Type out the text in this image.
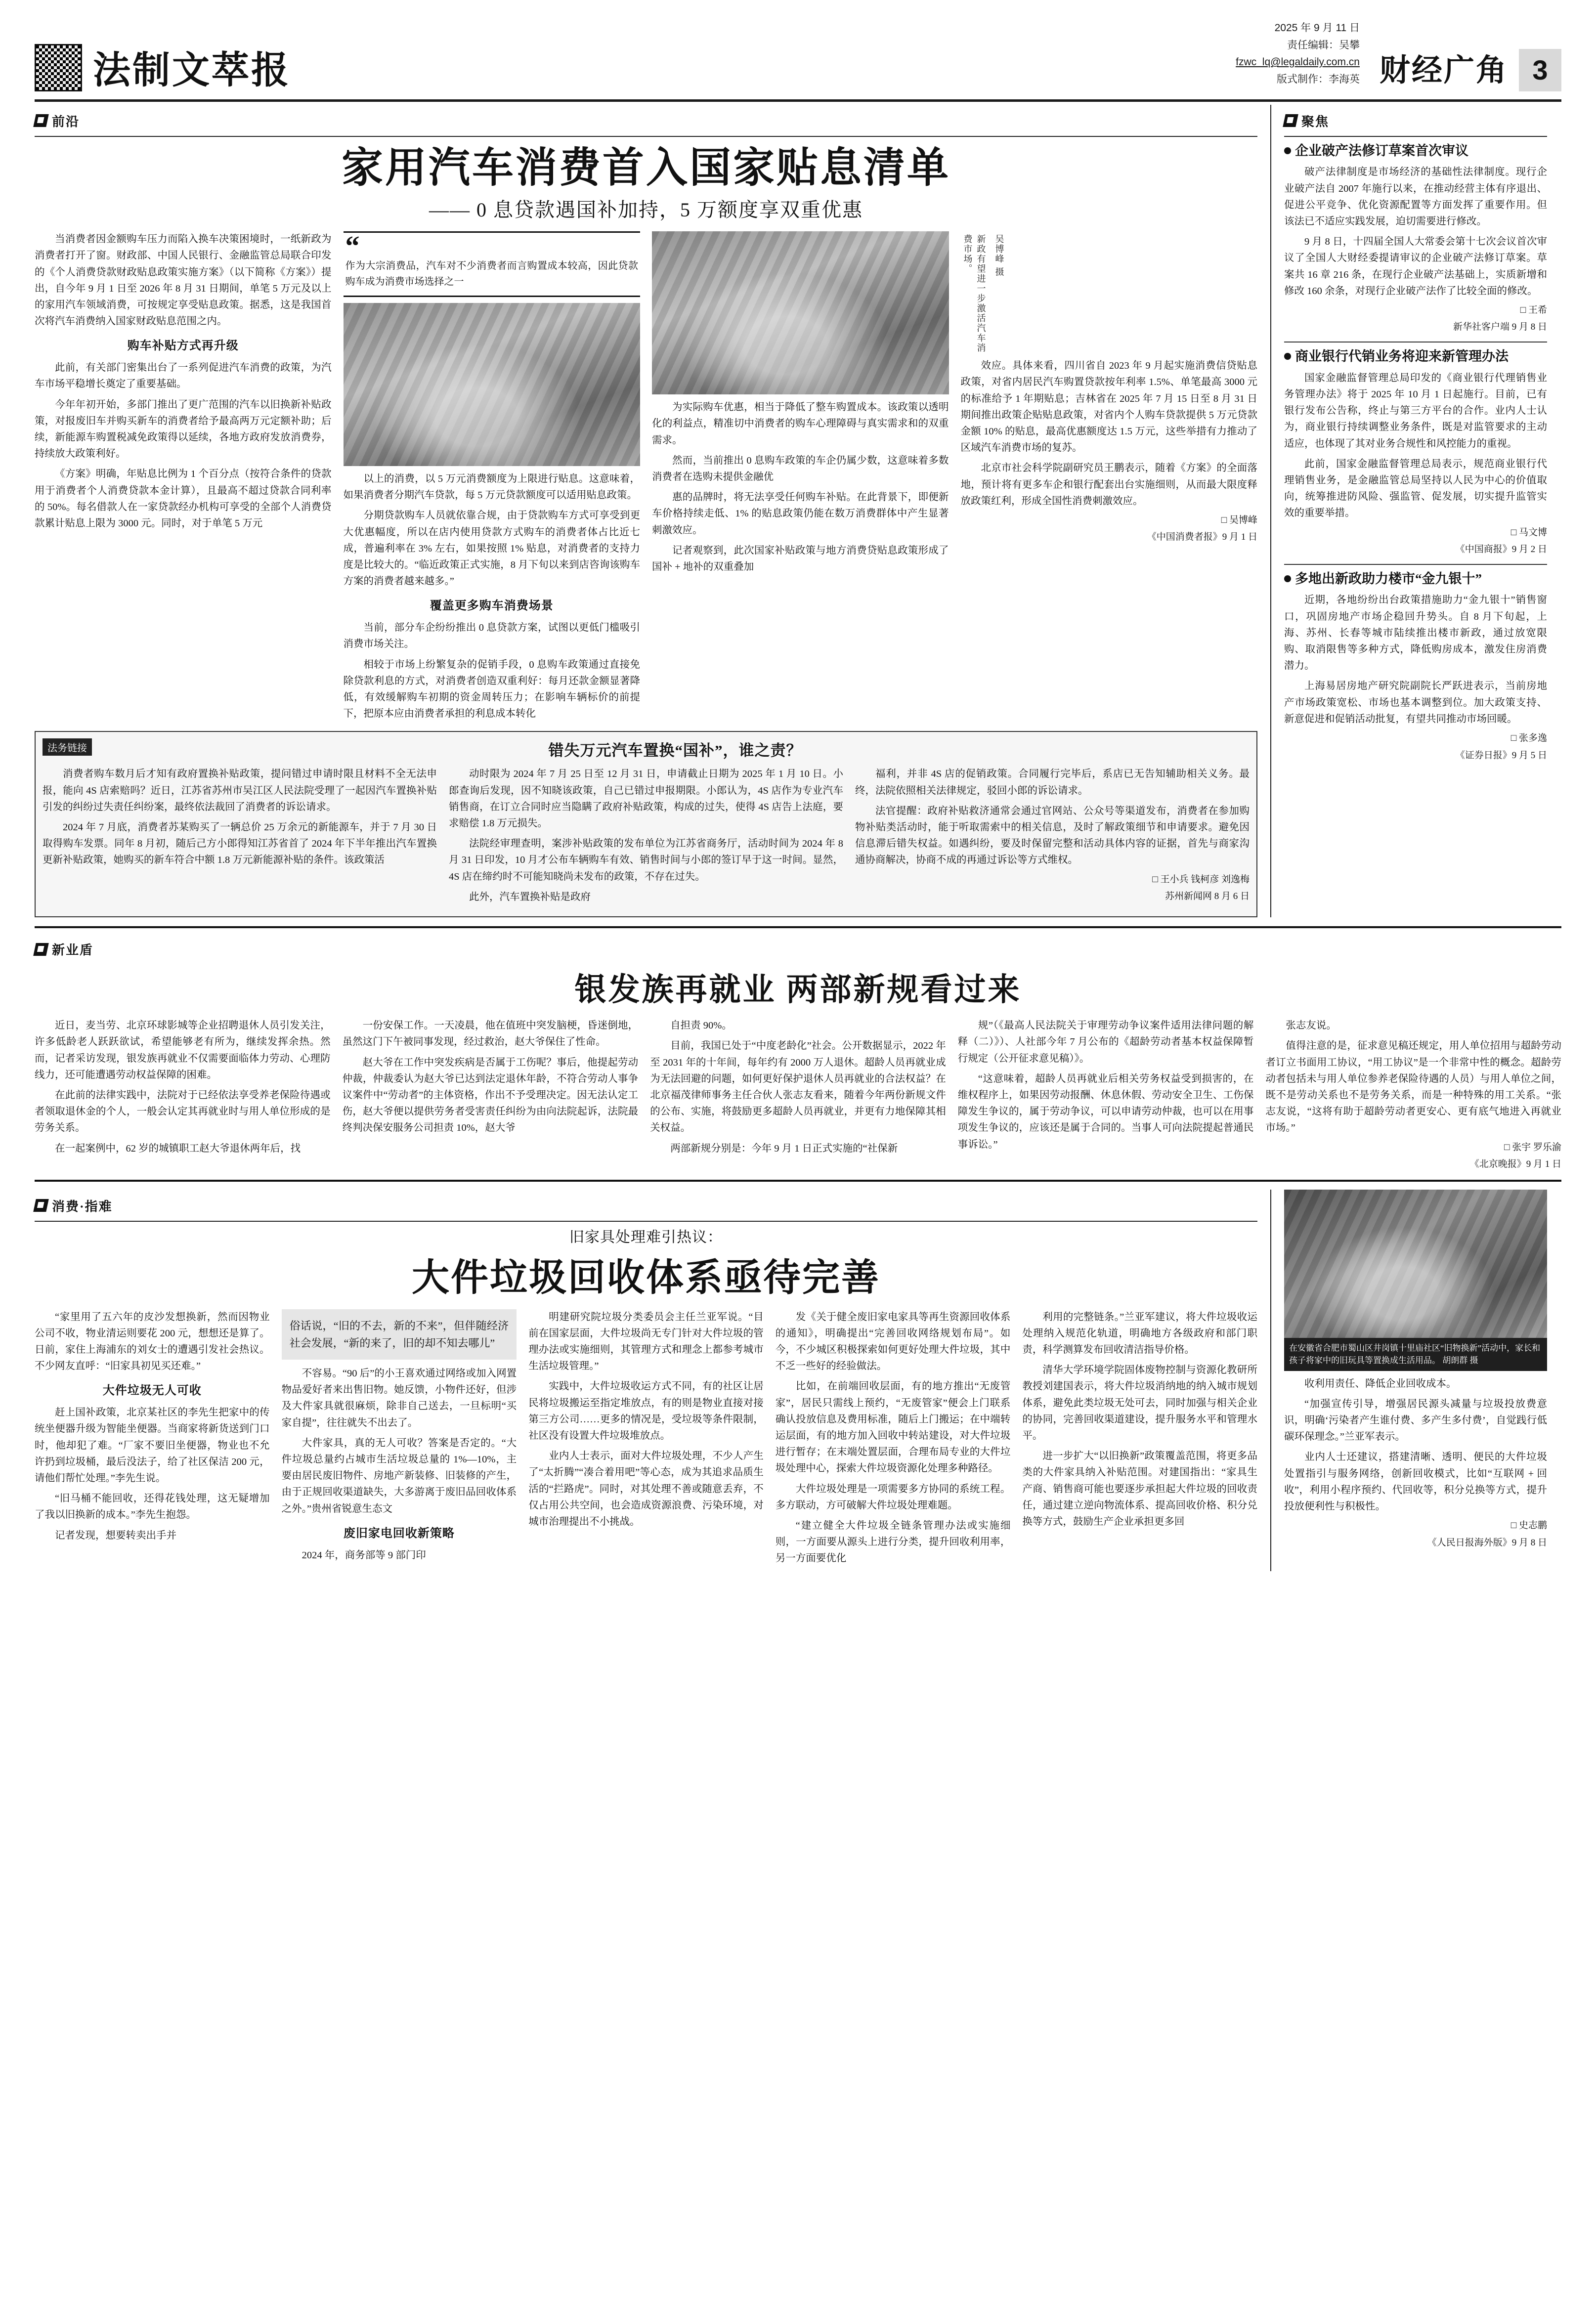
法制文萃报
2025 年 9 月 11 日
责任编辑：吴攀
fzwc_lq@legaldaily.com.cn
版式制作：李海英 财经广角 3
前沿
家用汽车消费首入国家贴息清单
—— 0 息贷款遇国补加持，5 万额度享双重优惠

当消费者因金额购车压力而陷入换车决策困境时，一纸新政为消费者打开了窗。财政部、中国人民银行、金融监管总局联合印发的《个人消费贷款财政贴息政策实施方案》（以下简称《方案》）提出，自今年 9 月 1 日至 2026 年 8 月 31 日期间，单笔 5 万元及以上的家用汽车领域消费，可按规定享受贴息政策。据悉，这是我国首次将汽车消费纳入国家财政贴息范围之内。

购车补贴方式再升级

此前，有关部门密集出台了一系列促进汽车消费的政策，为汽车市场平稳增长奠定了重要基础。

今年年初开始，多部门推出了更广范围的汽车以旧换新补贴政策，对报废旧车并购买新车的消费者给予最高两万元定额补助；后续，新能源车购置税减免政策得以延续，各地方政府发放消费券，持续放大政策利好。

《方案》明确，年贴息比例为 1 个百分点（按符合条件的贷款用于消费者个人消费贷款本金计算），且最高不超过贷款合同利率的 50%。每名借款人在一家贷款经办机构可享受的全部个人消费贷款累计贴息上限为 3000 元。同时，对于单笔 5 万元

“
作为大宗消费品，汽车对不少消费者而言购置成本较高，因此贷款购车成为消费市场选择之一

以上的消费，以 5 万元消费额度为上限进行贴息。这意味着，如果消费者分期汽车贷款，每 5 万元贷款额度可以适用贴息政策。

分期贷款购车人员就依靠合规，由于贷款购车方式可享受到更大优惠幅度，所以在店内使用贷款方式购车的消费者体占比近七成，普遍利率在 3% 左右，如果按照 1% 贴息，对消费者的支持力度是比较大的。“临近政策正式实施，8 月下旬以来到店咨询该购车方案的消费者越来越多。”

覆盖更多购车消费场景

当前，部分车企纷纷推出 0 息贷款方案，试图以更低门槛吸引消费市场关注。

相较于市场上纷繁复杂的促销手段，0 息购车政策通过直接免除贷款利息的方式，对消费者创造双重利好：每月还款金额显著降低，有效缓解购车初期的资金周转压力；在影响车辆标价的前提下，把原本应由消费者承担的利息成本转化

为实际购车优惠，相当于降低了整车购置成本。该政策以透明化的利益点，精准切中消费者的购车心理障碍与真实需求和的双重需求。

然而，当前推出 0 息购车政策的车企仍属少数，这意味着多数消费者在选购未提供金融优

惠的品牌时，将无法享受任何购车补贴。在此背景下，即便新车价格持续走低、1% 的贴息政策仍能在数万消费群体中产生显著刺激效应。

记者观察到，此次国家补贴政策与地方消费贷贴息政策形成了国补 + 地补的双重叠加

新政有望进一步激活汽车消费市场。	吴博峰 摄

效应。具体来看，四川省自 2023 年 9 月起实施消费信贷贴息政策，对省内居民汽车购置贷款按年利率 1.5%、单笔最高 3000 元的标准给予 1 年期贴息；吉林省在 2025 年 7 月 15 日至 8 月 31 日期间推出政策企贴贴息政策，对省内个人购车贷款提供 5 万元贷款金额 10% 的贴息，最高优惠额度达 1.5 万元，这些举措有力推动了区域汽车消费市场的复苏。

北京市社会科学院副研究员王鹏表示，随着《方案》的全面落地，预计将有更多车企和银行配套出台实施细则，从而最大限度释放政策红利，形成全国性消费刺激效应。

□ 吴博峰
《中国消费者报》9 月 1 日
法务链接	错失万元汽车置换“国补”，谁之责？

消费者购车数月后才知有政府置换补贴政策，提问错过申请时限且材料不全无法申报，能向 4S 店索赔吗？近日，江苏省苏州市吴江区人民法院受理了一起因汽车置换补贴引发的纠纷过失责任纠纷案，最终依法裁回了消费者的诉讼请求。

2024 年 7 月底，消费者苏某购买了一辆总价 25 万余元的新能源车，并于 7 月 30 日取得购车发票。同年 8 月初，随后己方小郎得知江苏省首了 2024 年下半年推出汽车置换更新补贴政策，她购买的新车符合中额 1.8 万元新能源补贴的条件。该政策活

动时限为 2024 年 7 月 25 日至 12 月 31 日，申请截止日期为 2025 年 1 月 10 日。小郎查询后发现，因不知晓该政策，自己已错过申报期限。小郎认为，4S 店作为专业汽车销售商，在订立合同时应当隐瞒了政府补贴政策，构成的过失，使得 4S 店告上法庭，要求赔偿 1.8 万元损失。

法院经审理查明，案涉补贴政策的发布单位为江苏省商务厅，活动时间为 2024 年 8 月 31 日印发，10 月才公布车辆购车有效、销售时间与小郎的签订早于这一时间。显然，4S 店在缔约时不可能知晓尚未发布的政策，不存在过失。

此外，汽车置换补贴是政府

福利，并非 4S 店的促销政策。合同履行完毕后，系店已无告知辅助相关义务。最终，法院依照相关法律规定，驳回小郎的诉讼请求。

法官提醒：政府补贴救济通常会通过官网站、公众号等渠道发布，消费者在参加购物补贴类活动时，能于听取需索中的相关信息，及时了解政策细节和申请要求。避免因信息滞后错失权益。如遇纠纷，要及时保留完整和活动具体内容的证据，首先与商家沟通协商解决，协商不成的再通过诉讼等方式维权。

□ 王小兵 钱柯彦 刘逸梅
苏州新闻网 8 月 6 日
聚焦
企业破产法修订草案首次审议

破产法律制度是市场经济的基础性法律制度。现行企业破产法自 2007 年施行以来，在推动经营主体有序退出、促进公平竞争、优化资源配置等方面发挥了重要作用。但该法已不适应实践发展，迫切需要进行修改。

9 月 8 日，十四届全国人大常委会第十七次会议首次审议了全国人大财经委提请审议的企业破产法修订草案。草案共 16 章 216 条，在现行企业破产法基础上，实质新增和修改 160 余条，对现行企业破产法作了比较全面的修改。

□ 王希
新华社客户端 9 月 8 日
商业银行代销业务将迎来新管理办法

国家金融监督管理总局印发的《商业银行代理销售业务管理办法》将于 2025 年 10 月 1 日起施行。目前，已有银行发布公告称，终止与第三方平台的合作。业内人士认为，商业银行持续调整业务条件，既是对监管要求的主动适应，也体现了其对业务合规性和风控能力的重视。

此前，国家金融监督管理总局表示，规范商业银行代理销售业务，是金融监管总局坚持以人民为中心的价值取向，统筹推进防风险、强监管、促发展，切实提升监管实效的重要举措。

□ 马文博
《中国商报》9 月 2 日
多地出新政助力楼市“金九银十”

近期，各地纷纷出台政策措施助力“金九银十”销售窗口，巩固房地产市场企稳回升势头。自 8 月下旬起，上海、苏州、长春等城市陆续推出楼市新政，通过放宽限购、取消限售等多种方式，降低购房成本，激发住房消费潜力。

上海易居房地产研究院副院长严跃进表示，当前房地产市场政策宽松、市场也基本调整到位。加大政策支持、新意促进和促销活动批复，有望共同推动市场回暖。

□ 张多逸
《证券日报》9 月 5 日
新业盾
银发族再就业 两部新规看过来

近日，麦当劳、北京环球影城等企业招聘退休人员引发关注，许多低龄老人跃跃欲试，希望能够老有所为，继续发挥余热。然而，记者采访发现，银发族再就业不仅需要面临体力劳动、心理防线力，还可能遭遇劳动权益保障的困难。

在此前的法律实践中，法院对于已经依法享受养老保险待遇或者领取退休金的个人，一般会认定其再就业时与用人单位形成的是劳务关系。

在一起案例中，62 岁的城镇职工赵大爷退休两年后，找

一份安保工作。一天凌晨，他在值班中突发脑梗，昏迷倒地，虽然这门下午被同事发现，经过救治，赵大爷保住了性命。

赵大爷在工作中突发疾病是否属于工伤呢？事后，他提起劳动仲裁，仲裁委认为赵大爷已达到法定退休年龄，不符合劳动人事争议案件中“劳动者”的主体资格，作出不予受理决定。因无法认定工伤，赵大爷便以提供劳务者受害责任纠纷为由向法院起诉，法院最终判决保安服务公司担责 10%，赵大爷

自担责 90%。

目前，我国已处于“中度老龄化”社会。公开数据显示，2022 年至 2031 年的十年间，每年约有 2000 万人退休。超龄人员再就业成为无法回避的问题，如何更好保护退休人员再就业的合法权益？在北京福茂律师事务主任合伙人张志友看来，随着今年两份新规文件的公布、实施，将鼓励更多超龄人员再就业，并更有力地保障其相关权益。

两部新规分别是：今年 9 月 1 日正式实施的“社保新

规”（《最高人民法院关于审理劳动争议案件适用法律问题的解释（二）》）、人社部今年 7 月公布的《超龄劳动者基本权益保障暂行规定（公开征求意见稿）》。

“这意味着，超龄人员再就业后相关劳务权益受到损害的，在维权程序上，如果因劳动报酬、休息休假、劳动安全卫生、工伤保障发生争议的，属于劳动争议，可以申请劳动仲裁，也可以在用事项发生争议的，应该还是属于合同的。当事人可向法院提起普通民事诉讼。”

张志友说。

值得注意的是，征求意见稿还规定，用人单位招用与超龄劳动者订立书面用工协议，“用工协议”是一个非常中性的概念。超龄劳动者包括未与用人单位参养老保险待遇的人员）与用人单位之间，既不是劳动关系也不是劳务关系，而是一种特殊的用工关系。“张志友说，“这将有助于超龄劳动者更安心、更有底气地进入再就业市场。”

□ 张宇 罗乐渝
《北京晚报》9 月 1 日
消费·指难
旧家具处理难引热议：
大件垃圾回收体系亟待完善

“家里用了五六年的皮沙发想换新，然而因物业公司不收，物业清运则要花 200 元，想想还是算了。日前，家住上海浦东的刘女士的遭遇引发社会热议。不少网友直呼：“旧家具初见买还难。”

大件垃圾无人可收

赶上国补政策，北京某社区的李先生把家中的传统坐便器升级为智能坐便器。当商家将新货送到门口时，他却犯了难。“厂家不要旧坐便器，物业也不允许扔到垃圾桶，最后没法子，给了社区保洁 200 元，请他们帮忙处理。”李先生说。

“旧马桶不能回收，还得花钱处理，这无疑增加了我以旧换新的成本。”李先生抱怨。

记者发现，想要转卖出手并

俗话说，“旧的不去，新的不来”，但伴随经济社会发展，“新的来了，旧的却不知去哪儿”

不容易。“90 后”的小王喜欢通过网络或加入网置物品爱好者来出售旧物。她反馈，小物件还好，但涉及大件家具就很麻烦，除非自己送去，一旦标明“买家自提”，往往就失不出去了。

大件家具，真的无人可收？答案是否定的。“大件垃圾总量约占城市生活垃圾总量的 1%—10%，主要由居民废旧物件、房地产新装修、旧装修的产生，由于正规回收渠道缺失，大多游离于废旧品回收体系之外。”贵州省锐意生态文

废旧家电回收新策略

2024 年，商务部等 9 部门印

明建研究院垃圾分类委员会主任兰亚军说。“目前在国家层面，大件垃圾尚无专门针对大件垃圾的管理办法或实施细则，其管理方式和理念上都参考城市生活垃圾管理。”

实践中，大件垃圾收运方式不同，有的社区让居民将垃圾搬运至指定堆放点，有的则是物业直接对接第三方公司……更多的情况是，受垃圾等条件限制，社区没有设置大件垃圾堆放点。

业内人士表示，面对大件垃圾处理，不少人产生了“太折腾”“凑合着用吧”等心态，成为其追求品质生活的“拦路虎”。同时，对其处理不善或随意丢弃，不仅占用公共空间，也会造成资源浪费、污染环境，对城市治理提出不小挑战。

发《关于健全废旧家电家具等再生资源回收体系的通知》，明确提出“完善回收网络规划布局”。如今，不少城区积极探索如何更好处理大件垃圾，其中不乏一些好的经验做法。

比如，在前端回收层面，有的地方推出“无废管家”，居民只需线上预约，“无废管家”便会上门联系确认投放信息及费用标准，随后上门搬运；在中端转运层面，有的地方加入回收中转站建设，对大件垃圾进行暂存；在末端处置层面，合理布局专业的大件垃圾处理中心，探索大件垃圾资源化处理多种路径。

大件垃圾处理是一项需要多方协同的系统工程。多方联动，方可破解大件垃圾处理难题。

“建立健全大件垃圾全链条管理办法或实施细则，一方面要从源头上进行分类，提升回收利用率，另一方面要优化

利用的完整链条。”兰亚军建议，将大件垃圾收运处理纳入规范化轨道，明确地方各级政府和部门职责，科学测算发布回收清洁指导价格。

清华大学环境学院固体废物控制与资源化教研所教授刘建国表示，将大件垃圾消纳地的纳入城市规划体系，避免此类垃圾无处可去，同时加强与相关企业的协同，完善回收渠道建设，提升服务水平和管理水平。

进一步扩大“以旧换新”政策覆盖范围，将更多品类的大件家具纳入补贴范围。对建国指出：“家具生产商、销售商可能也要逐步承担起大件垃圾的回收责任，通过建立逆向物流体系、提高回收价格、积分兑换等方式，鼓励生产企业承担更多回

在安徽省合肥市蜀山区井岗镇十里庙社区“旧物换新”活动中，家长和孩子将家中的旧玩具等置换成生活用品。 胡朗群 摄

收利用责任、降低企业回收成本。

“加强宣传引导，增强居民源头减量与垃圾投放费意识，明确‘污染者产生谁付费、多产生多付费’，自觉践行低碳环保理念。”兰亚军表示。

业内人士还建议，搭建清晰、透明、便民的大件垃圾处置指引与服务网络，创新回收模式，比如“互联网 + 回收”，利用小程序预约、代回收等，积分兑换等方式，提升投放便利性与积极性。

□ 史志鹏
《人民日报海外版》9 月 8 日
